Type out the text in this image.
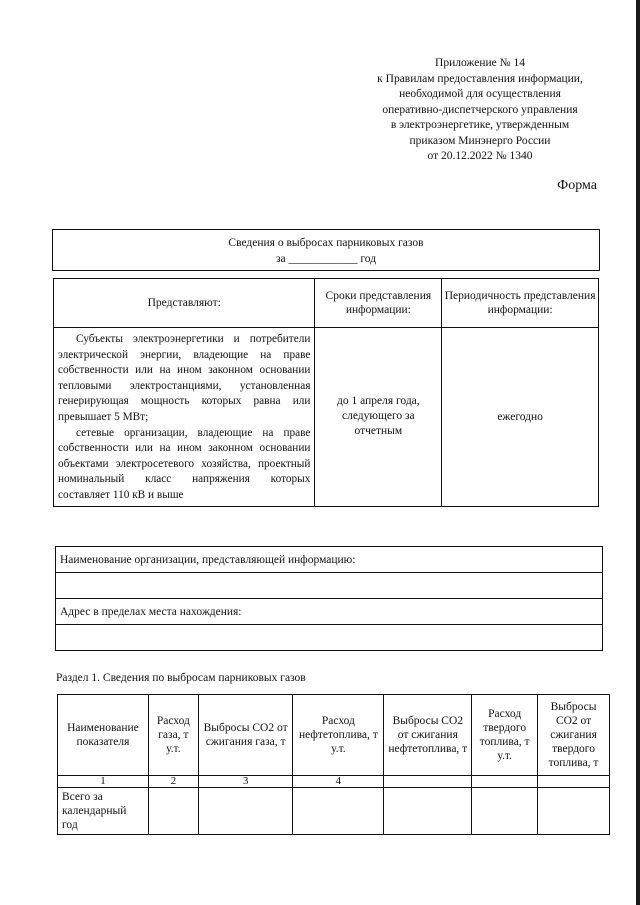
Приложение № 14
к Правилам предоставления информации,
необходимой для осуществления
оперативно-диспетчерского управления
в электроэнергетике, утвержденным
приказом Минэнерго России
от 20.12.2022 № 1340
Форма
Сведения о выбросах парниковых газов
за ____________ год
Представляют:	Сроки представления информации:	Периодичность представления информации:

Субъекты электроэнергетики и потребители электрической энергии, владеющие на праве собственности или на ином законном основании тепловыми электростанциями, установленная генерирующая мощность которых равна или превышает 5 МВт;

сетевые организации, владеющие на праве собственности или на ином законном основании объектами электросетевого хозяйства, проектный номинальный класс напряжения которых составляет 110 кВ и выше	до 1 апреля года, следующего за отчетным	ежегодно
Наименование организации, представляющей информацию:

Адрес в пределах места нахождения:

Раздел 1. Сведения по выбросам парниковых газов
Наименование показателя	Расход газа, т у.т.	Выбросы CO2 от сжигания газа, т	Расход нефтетоплива, т у.т.	Выбросы CO2 от сжигания нефтетоплива, т	Расход твердого топлива, т у.т.	Выбросы CO2 от сжигания твердого топлива, т
1	2	3	4			
Всего за календарный год						
